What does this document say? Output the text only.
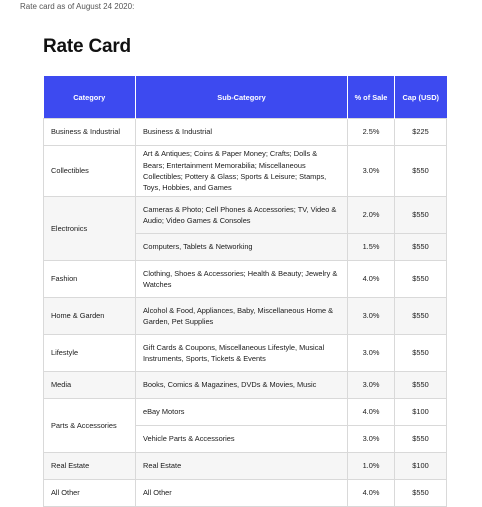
Rate card as of August 24 2020:
Rate Card
Category	Sub-Category	% of Sale	Cap (USD)
Business & Industrial	Business & Industrial	2.5%	$225
Collectibles	Art & Antiques; Coins & Paper Money; Crafts; Dolls & Bears; Entertainment Memorabilia; Miscellaneous Collectibles; Pottery & Glass; Sports & Leisure; Stamps, Toys, Hobbies, and Games	3.0%	$550
Electronics	Cameras & Photo; Cell Phones & Accessories; TV, Video & Audio; Video Games & Consoles	2.0%	$550
	Computers, Tablets & Networking	1.5%	$550
Fashion	Clothing, Shoes & Accessories; Health & Beauty; Jewelry & Watches	4.0%	$550
Home & Garden	Alcohol & Food, Appliances, Baby, Miscellaneous Home & Garden, Pet Supplies	3.0%	$550
Lifestyle	Gift Cards & Coupons, Miscellaneous Lifestyle, Musical Instruments, Sports, Tickets & Events	3.0%	$550
Media	Books, Comics & Magazines, DVDs & Movies, Music	3.0%	$550
Parts & Accessories	eBay Motors	4.0%	$100
	Vehicle Parts & Accessories	3.0%	$550
Real Estate	Real Estate	1.0%	$100
All Other	All Other	4.0%	$550
